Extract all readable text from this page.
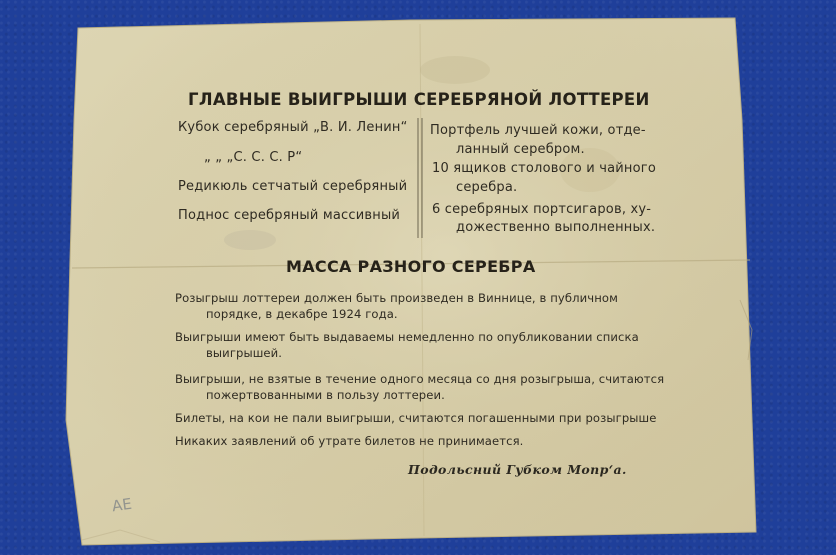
ГЛАВНЫЕ ВЫИГРЫШИ СЕРЕБРЯНОЙ ЛОТТЕРЕИ
Кубок серебряный „В. И. Ленин“
„ „ „С. С. С. Р“
Редикюль сетчатый серебряный
Поднос серебряный массивный
Портфель лучшей кожи, отде-
ланный серебром.
10 ящиков столового и чайного
серебра.
6 серебряных портсигаров, ху-
дожественно выполненных.
МАССА РАЗНОГО СЕРЕБРА
Розыгрыш лоттереи должен быть произведен в Виннице, в публичном
порядке, в декабре 1924 года.
Выигрыши имеют быть выдаваемы немедленно по опубликовании списка
выигрышей.
Выигрыши, не взятые в течение одного месяца со дня розыгрыша, считаются
пожертвованными в пользу лоттереи.
Билеты, на кои не пали выигрыши, считаются погашенными при розыгрыше
Никаких заявлений об утрате билетов не принимается.
Подольсний Губком Мопр‘а.
АЕ
